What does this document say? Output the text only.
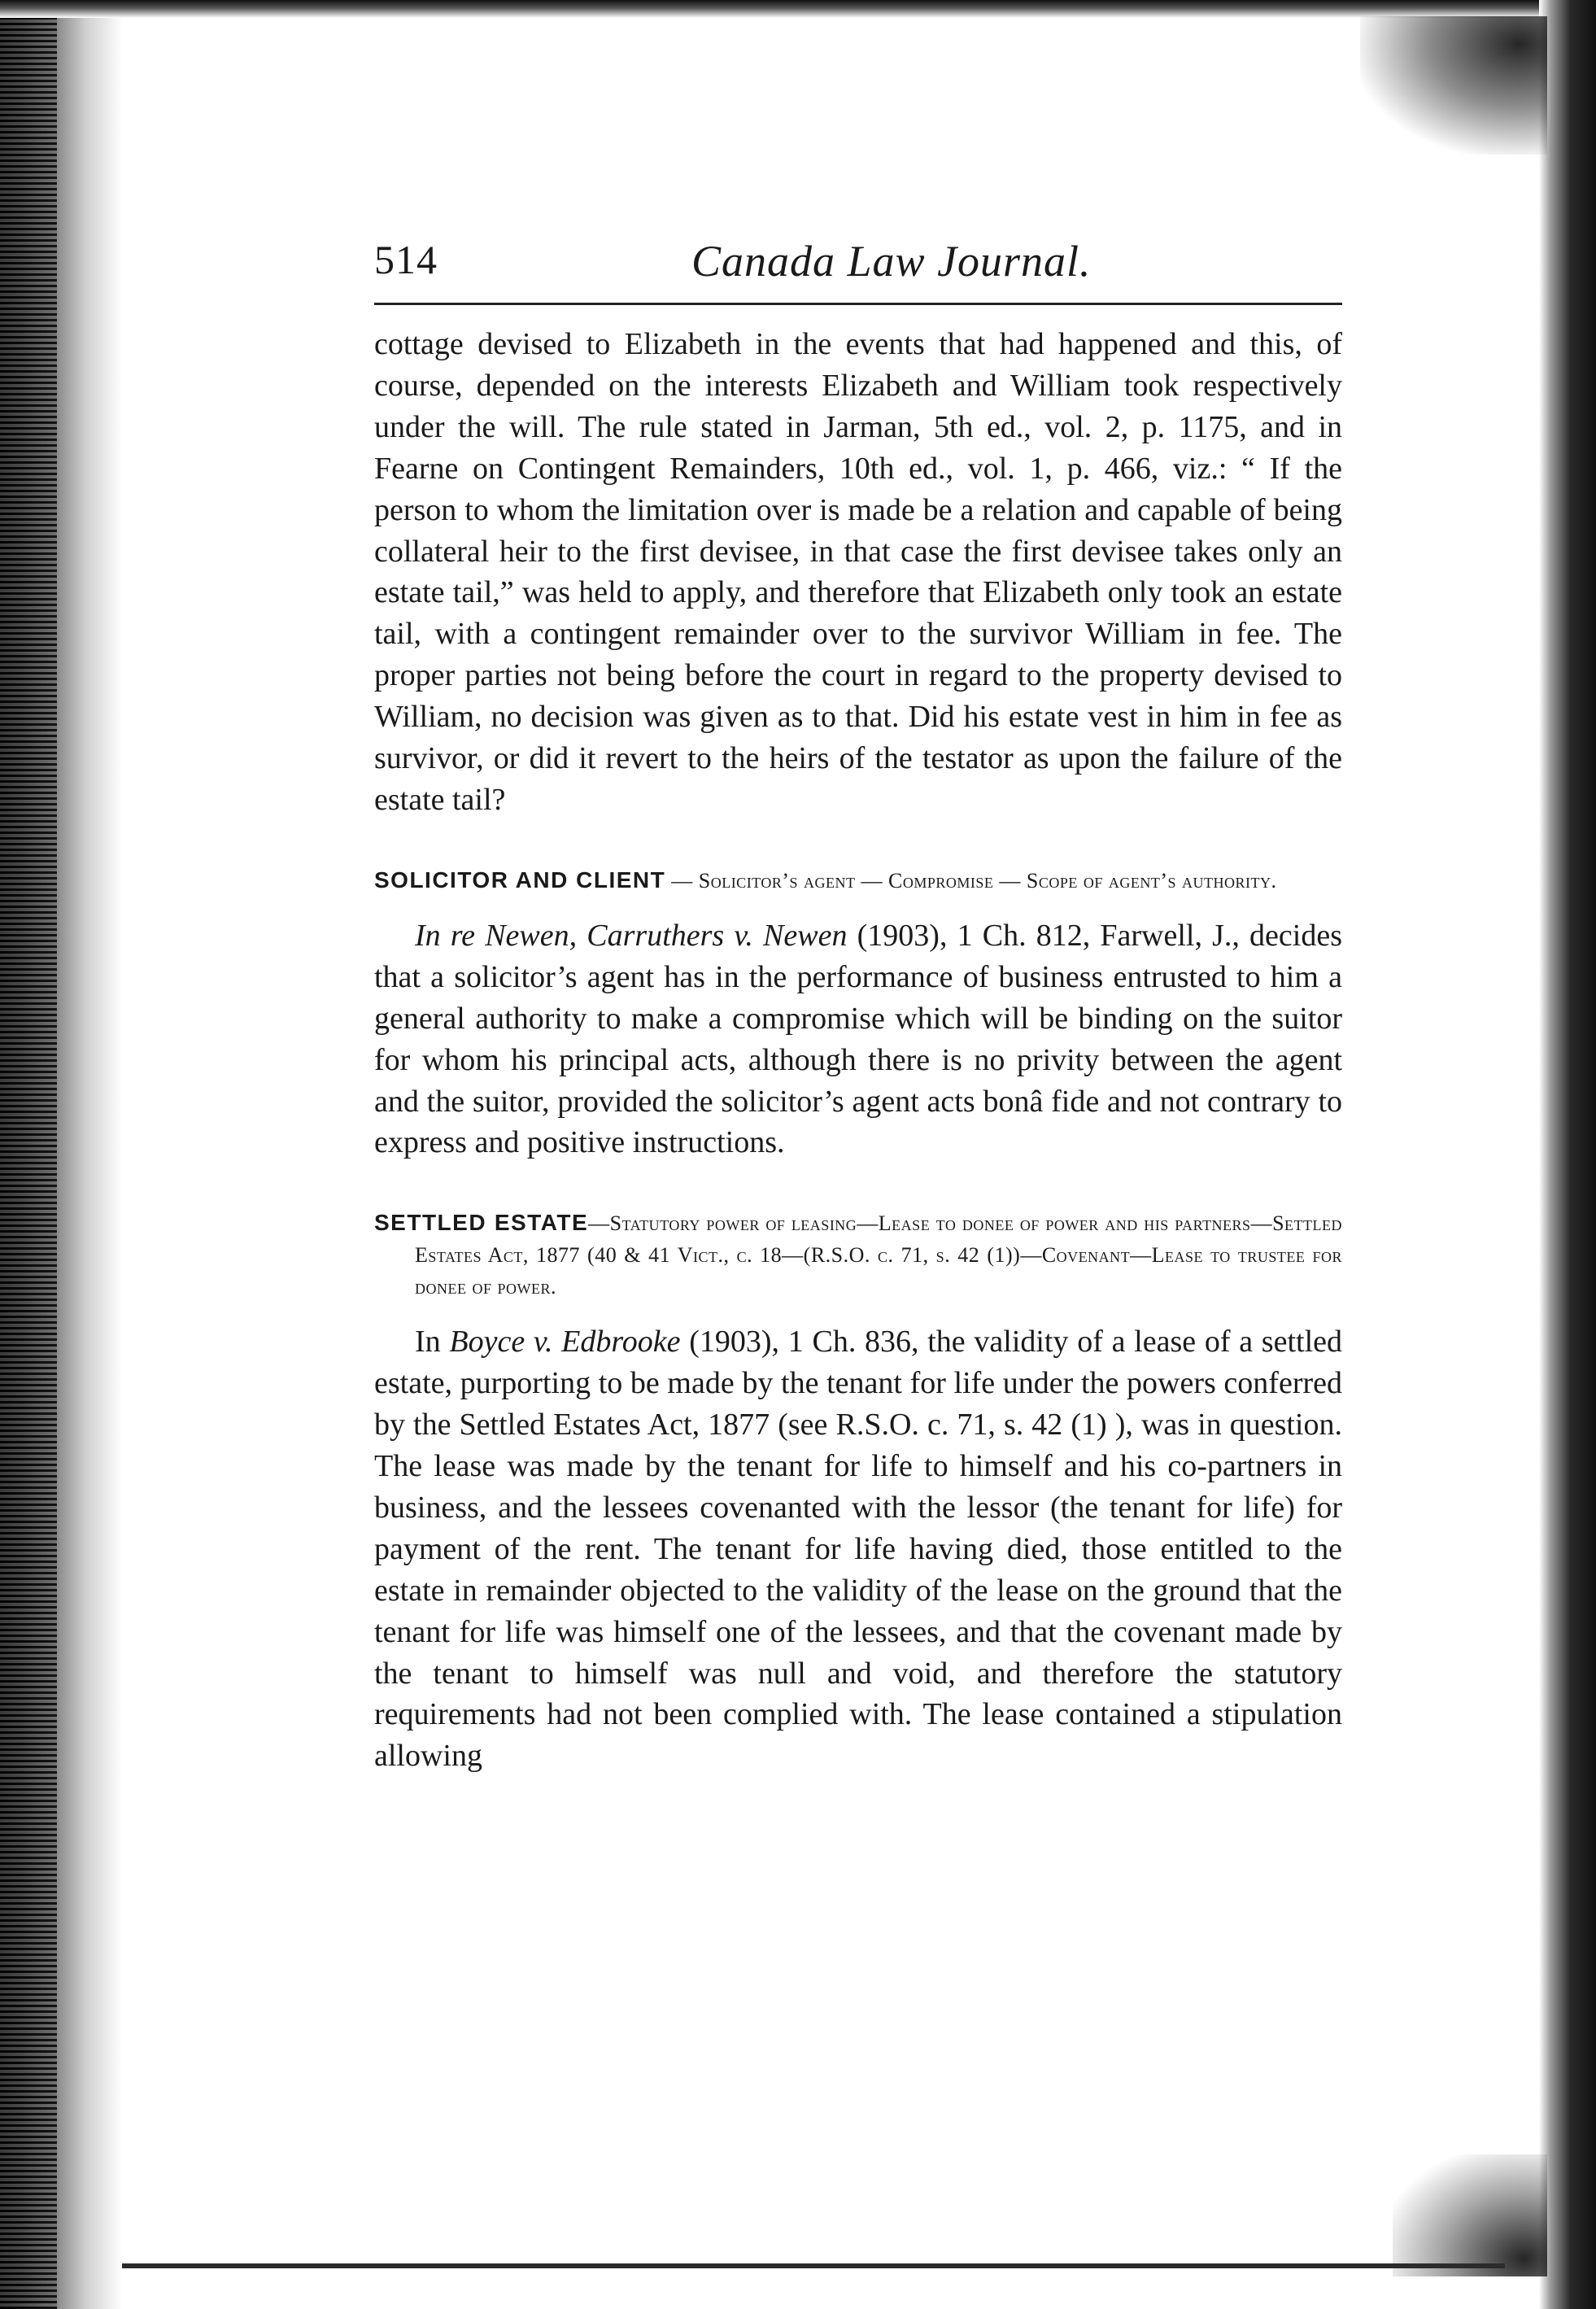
514	Canada Law Journal.

cottage devised to Elizabeth in the events that had happened and this, of course, depended on the interests Elizabeth and William took respectively under the will. The rule stated in Jarman, 5th ed., vol. 2, p. 1175, and in Fearne on Contingent Remainders, 10th ed., vol. 1, p. 466, viz.: “ If the person to whom the limitation over is made be a relation and capable of being collateral heir to the first devisee, in that case the first devisee takes only an estate tail,” was held to apply, and therefore that Elizabeth only took an estate tail, with a contingent remainder over to the survivor William in fee. The proper parties not being before the court in regard to the property devised to William, no decision was given as to that. Did his estate vest in him in fee as survivor, or did it revert to the heirs of the testator as upon the failure of the estate tail?

SOLICITOR AND CLIENT — Solicitor’s agent — Compromise — Scope of agent’s authority.

In re Newen, Carruthers v. Newen (1903), 1 Ch. 812, Farwell, J., decides that a solicitor’s agent has in the performance of business entrusted to him a general authority to make a compromise which will be binding on the suitor for whom his principal acts, although there is no privity between the agent and the suitor, provided the solicitor’s agent acts bonâ fide and not contrary to express and positive instructions.

SETTLED ESTATE—Statutory power of leasing—Lease to donee of power and his partners—Settled Estates Act, 1877 (40 & 41 Vict., c. 18—(R.S.O. c. 71, s. 42 (1))—Covenant—Lease to trustee for donee of power.

In Boyce v. Edbrooke (1903), 1 Ch. 836, the validity of a lease of a settled estate, purporting to be made by the tenant for life under the powers conferred by the Settled Estates Act, 1877 (see R.S.O. c. 71, s. 42 (1) ), was in question. The lease was made by the tenant for life to himself and his co-partners in business, and the lessees covenanted with the lessor (the tenant for life) for payment of the rent. The tenant for life having died, those entitled to the estate in remainder objected to the validity of the lease on the ground that the tenant for life was himself one of the lessees, and that the covenant made by the tenant to himself was null and void, and therefore the statutory requirements had not been complied with. The lease contained a stipulation allowing
